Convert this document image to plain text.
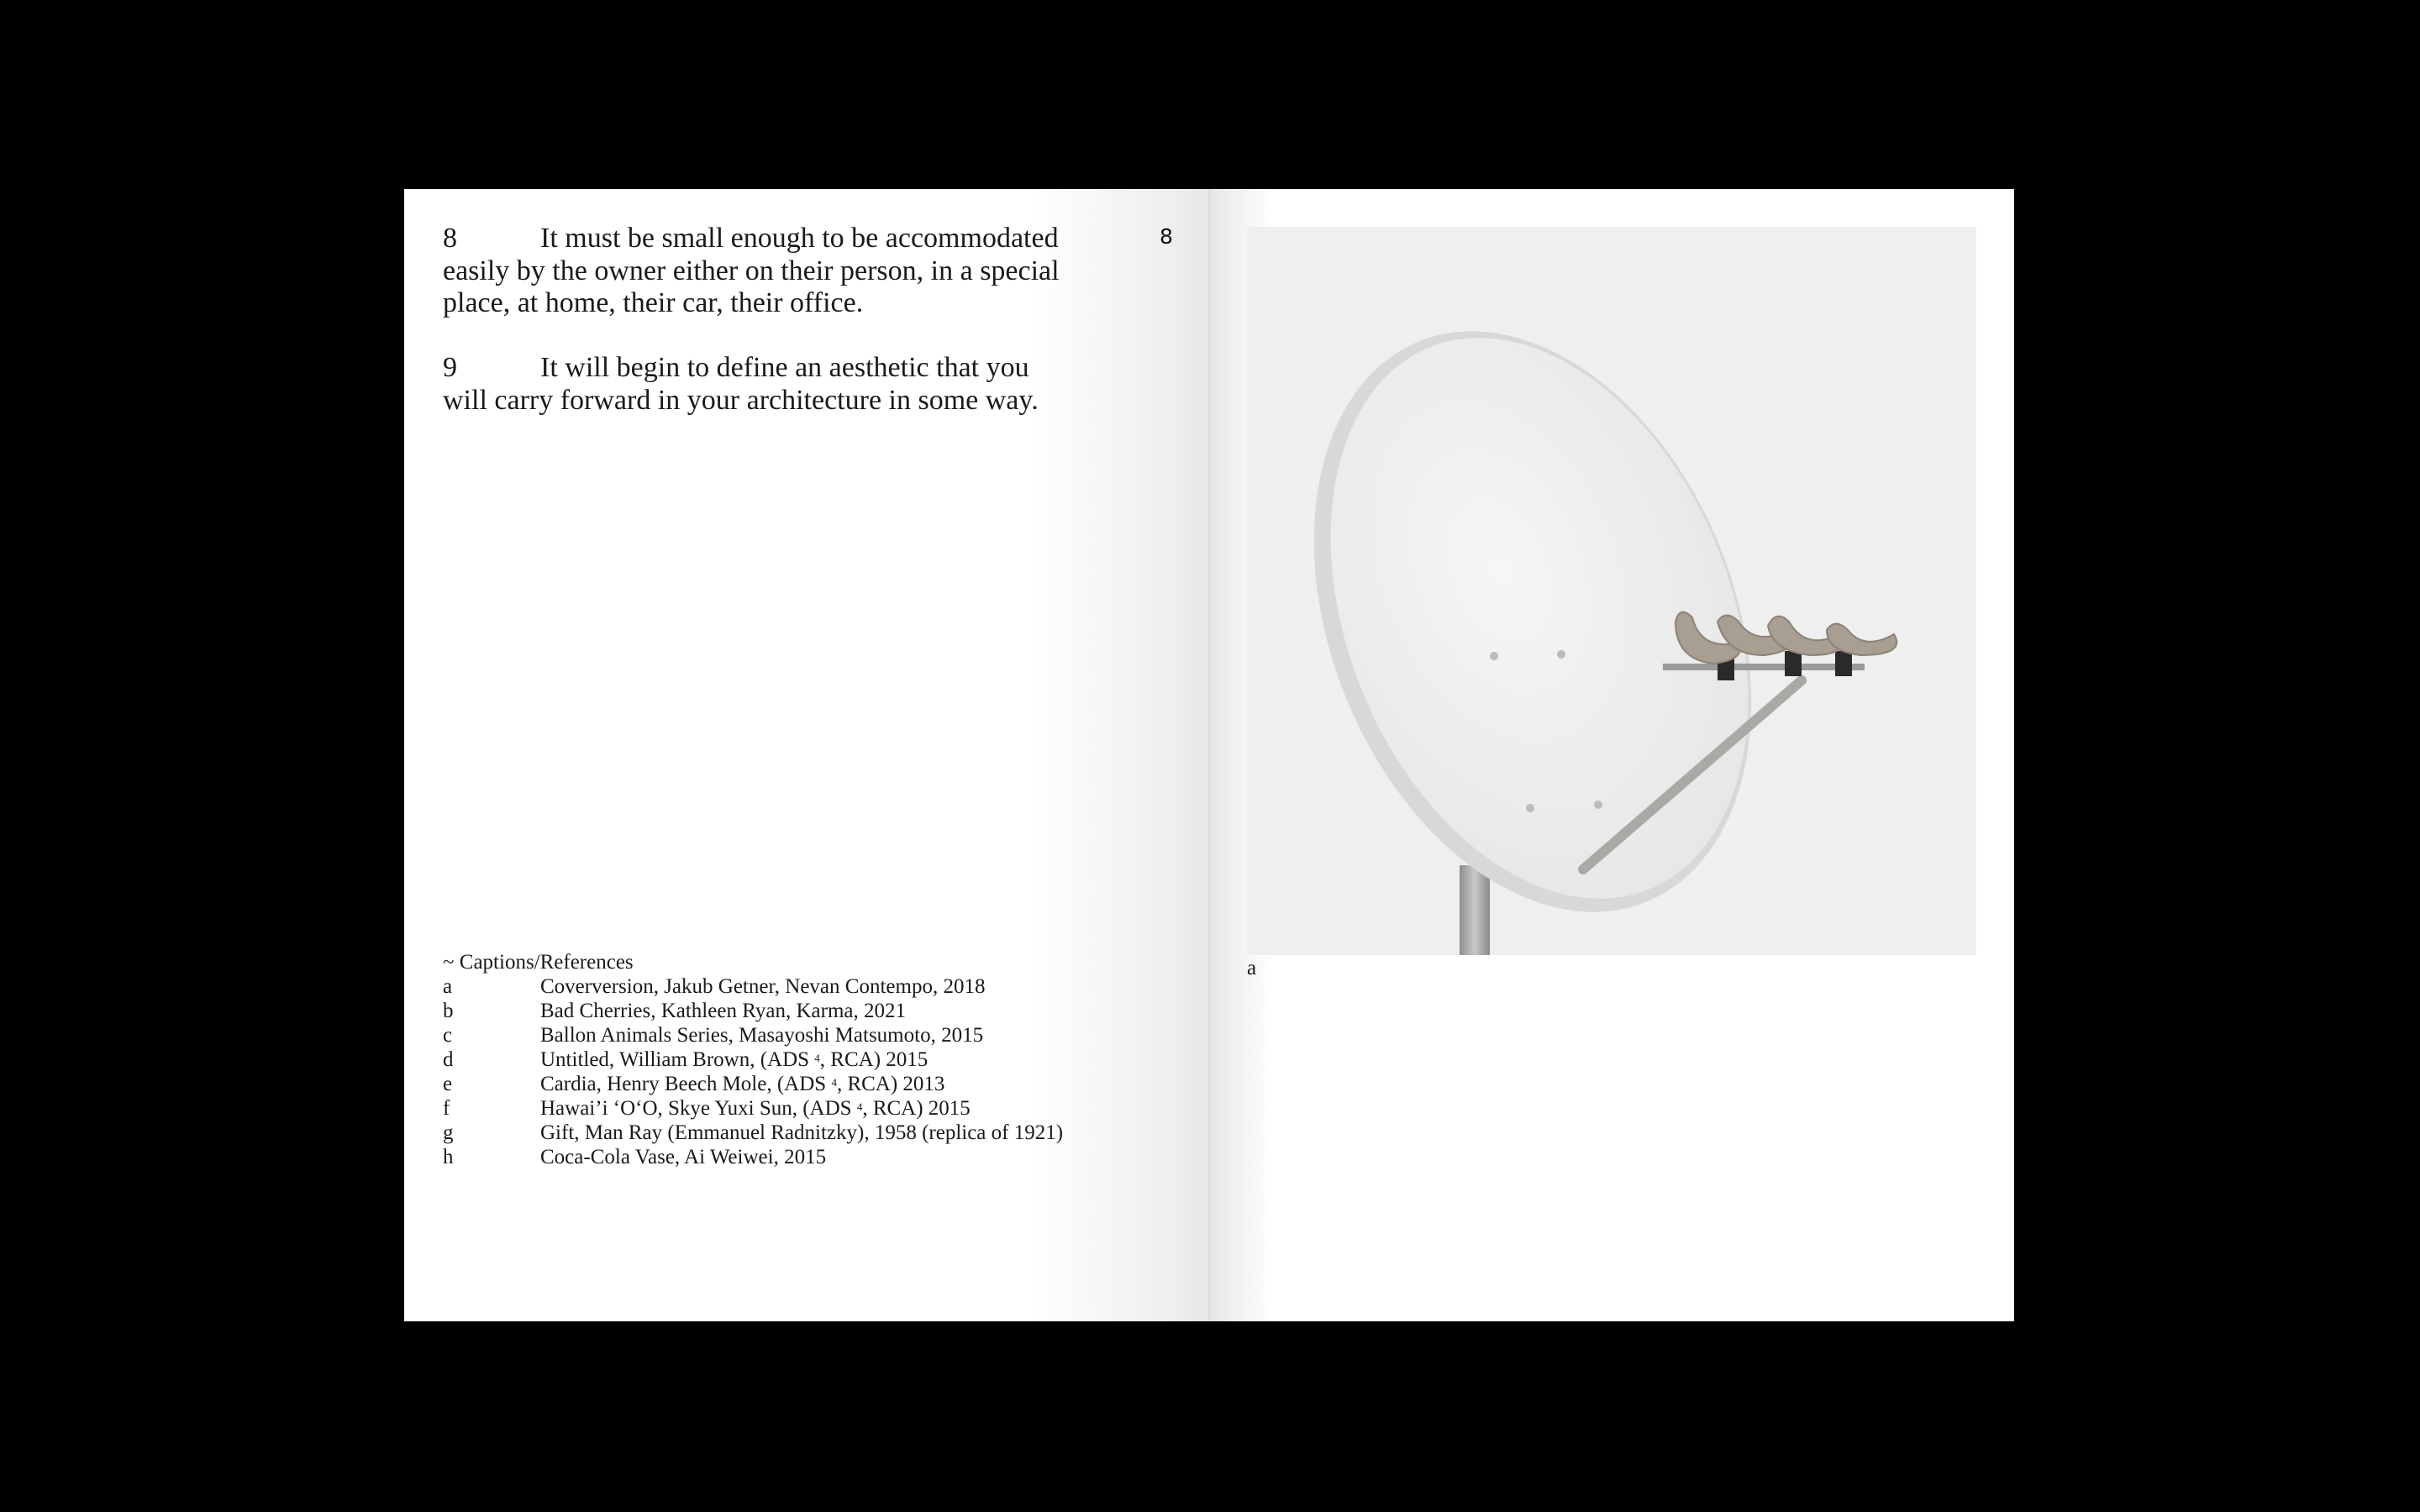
8	It must be small enough to be accommodated
easily by the owner either on their person, in a special
place, at home, their car, their office.
9	It will begin to define an aesthetic that you
will carry forward in your architecture in some way.
8
~ Captions/References
a	Coverversion, Jakub Getner, Nevan Contempo, 2018
b	Bad Cherries, Kathleen Ryan, Karma, 2021
c	Ballon Animals Series, Masayoshi Matsumoto, 2015
d	Untitled, William Brown, (ADS $^4$, RCA) 2015
e	Cardia, Henry Beech Mole, (ADS $^4$, RCA) 2013
f	Hawai’i ‘O‘O, Skye Yuxi Sun, (ADS $^4$, RCA) 2015
g	Gift, Man Ray (Emmanuel Radnitzky), 1958 (replica of 1921)
h	Coca-Cola Vase, Ai Weiwei, 2015
a
